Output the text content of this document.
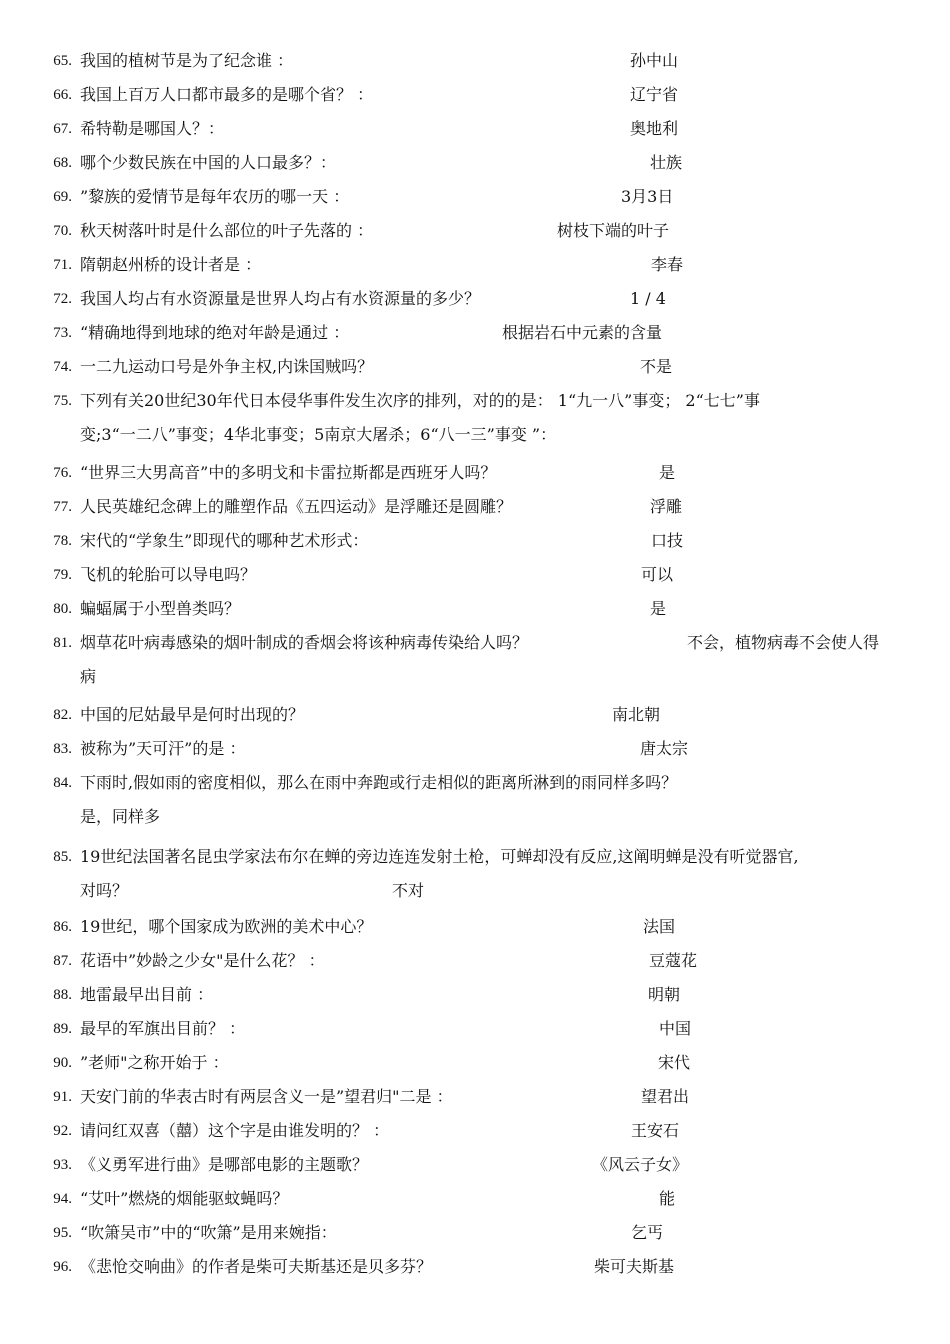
65. 我国的植树节是为了纪念谁 ：	孙中山
66. 我国上百万人口都市最多的是哪个省？ ：	辽宁省
67. 希特勒是哪国人？：	奥地利
68. 哪个少数民族在中国的人口最多？：	壮族
69. ”黎族的爱情节是每年农历的哪一天 ：	3月3日
70. 秋天树落叶时是什么部位的叶子先落的 ：	树枝下端的叶子
71. 隋朝赵州桥的设计者是 ：	李春
72. 我国人均占有水资源量是世界人均占有水资源量的多少？	1 / 4
73. “精确地得到地球的绝对年龄是通过 ：	根据岩石中元素的含量
74. 一二九运动口号是外争主权,内诛国贼吗？	不是
75. 下列有关20世纪30年代日本侵华事件发生次序的排列，对的的是： 1“九一八”事变； 2“七七”事
变;3“一二八”事变；4华北事变；5南京大屠杀；6“八一三”事变 ”：
76. “世界三大男高音”中的多明戈和卡雷拉斯都是西班牙人吗？	是
77. 人民英雄纪念碑上的雕塑作品《五四运动》是浮雕还是圆雕？	浮雕
78. 宋代的“学象生”即现代的哪种艺术形式：	口技
79. 飞机的轮胎可以导电吗？	可以
80. 蝙蝠属于小型兽类吗？	是
81. 烟草花叶病毒感染的烟叶制成的香烟会将该种病毒传染给人吗？	不会，植物病毒不会使人得
病
82. 中国的尼姑最早是何时出现的？	南北朝
83. 被称为”天可汗”的是 ：	唐太宗
84. 下雨时,假如雨的密度相似，那么在雨中奔跑或行走相似的距离所淋到的雨同样多吗？
是，同样多
85. 19世纪法国著名昆虫学家法布尔在蝉的旁边连连发射土枪，可蝉却没有反应,这阐明蝉是没有听觉器官,
对吗？	不对
86. 19世纪，哪个国家成为欧洲的美术中心？	法国
87. 花语中”妙龄之少女"是什么花？ ：	豆蔻花
88. 地雷最早出目前 ：	明朝
89. 最早的军旗出目前？ ：	中国
90. ”老师"之称开始于 ：	宋代
91. 天安门前的华表古时有两层含义一是”望君归"二是 ：	望君出
92. 请问红双喜（囍）这个字是由谁发明的？ ：	王安石
93. 《义勇军进行曲》是哪部电影的主题歌？	《风云子女》
94. “艾叶”燃烧的烟能驱蚊蝇吗？	能
95. “吹箫吴市”中的“吹箫”是用来婉指：	乞丐
96. 《悲怆交响曲》的作者是柴可夫斯基还是贝多芬？	柴可夫斯基
